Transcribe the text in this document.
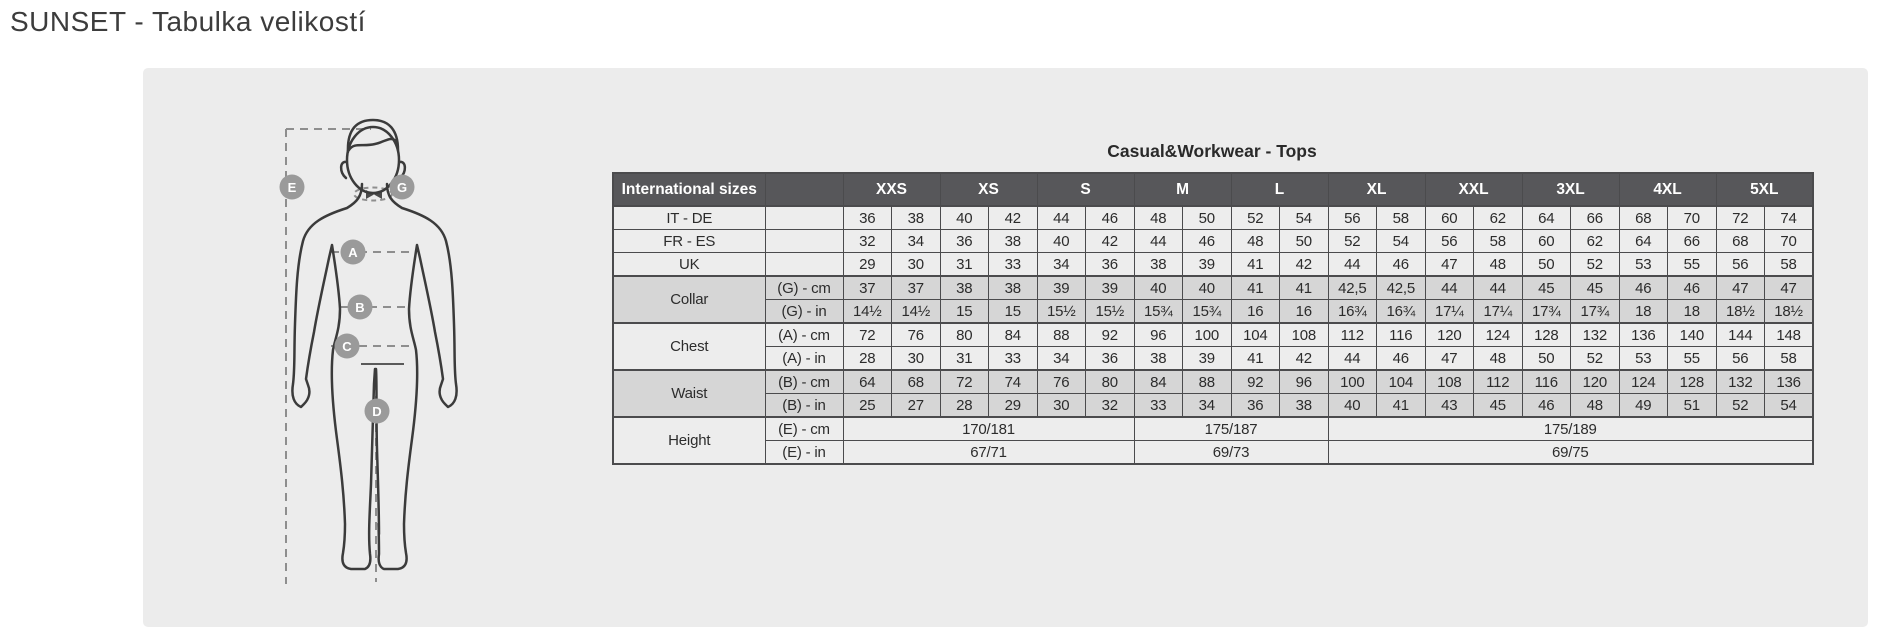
SUNSET - Tabulka velikostí
E	G
A
B
C
D
Casual&Workwear - Tops
International sizes		XXS		XS		S		M		L		XL		XXL		3XL		4XL		5XL	
IT - DE		36	38	40	42	44	46	48	50	52	54	56	58	60	62	64	66	68	70	72	74
FR - ES		32	34	36	38	40	42	44	46	48	50	52	54	56	58	60	62	64	66	68	70
UK		29	30	31	33	34	36	38	39	41	42	44	46	47	48	50	52	53	55	56	58
Collar	(G) - cm	37	37	38	38	39	39	40	40	41	41	42,5	42,5	44	44	45	45	46	46	47	47
	(G) - in	14½	14½	15	15	15½	15½	15¾	15¾	16	16	16¾	16¾	17¼	17¼	17¾	17¾	18	18	18½	18½
Chest	(A) - cm	72	76	80	84	88	92	96	100	104	108	112	116	120	124	128	132	136	140	144	148
	(A) - in	28	30	31	33	34	36	38	39	41	42	44	46	47	48	50	52	53	55	56	58
Waist	(B) - cm	64	68	72	74	76	80	84	88	92	96	100	104	108	112	116	120	124	128	132	136
	(B) - in	25	27	28	29	30	32	33	34	36	38	40	41	43	45	46	48	49	51	52	54
Height	(E) - cm	170/181						175/187				175/189									
	(E) - in	67/71						69/73				69/75									
